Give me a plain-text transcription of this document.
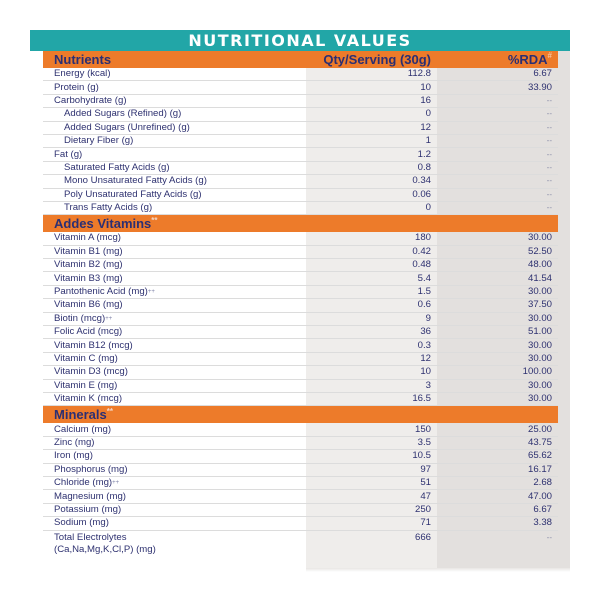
NUTRITIONAL VALUES
Nutrients	Qty/Serving (30g)	%RDA#
Energy (kcal)	112.8	6.67
Protein (g)	10	33.90
Carbohydrate (g)	16	--
Added Sugars (Refined) (g)	0	--
Added Sugars (Unrefined) (g)	12	--
Dietary Fiber (g)	1	--
Fat (g)	1.2	--
Saturated Fatty Acids (g)	0.8	--
Mono Unsaturated Fatty Acids (g)	0.34	--
Poly Unsaturated Fatty Acids (g)	0.06	--
Trans Fatty Acids (g)	0	--
Addes Vitamins**
Vitamin A (mcg)	180	30.00
Vitamin B1 (mg)	0.42	52.50
Vitamin B2 (mg)	0.48	48.00
Vitamin B3 (mg)	5.4	41.54
Pantothenic Acid (mg)++	1.5	30.00
Vitamin B6 (mg)	0.6	37.50
Biotin (mcg)++	9	30.00
Folic Acid (mcg)	36	51.00
Vitamin B12 (mcg)	0.3	30.00
Vitamin C (mg)	12	30.00
Vitamin D3 (mcg)	10	100.00
Vitamin E (mg)	3	30.00
Vitamin K (mcg)	16.5	30.00
Minerals**
Calcium (mg)	150	25.00
Zinc (mg)	3.5	43.75
Iron (mg)	10.5	65.62
Phosphorus (mg)	97	16.17
Chloride (mg)++	51	2.68
Magnesium (mg)	47	47.00
Potassium (mg)	250	6.67
Sodium (mg)	71	3.38
Total Electrolytes
(Ca,Na,Mg,K,Cl,P) (mg)
666	--
